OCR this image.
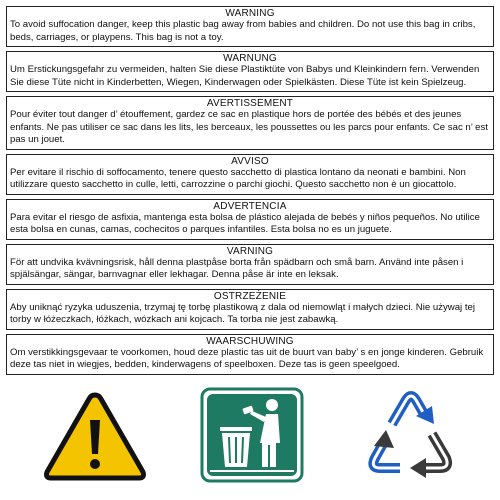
WARNING
To avoid suffocation danger, keep this plastic bag away from babies and children. Do not use this bag in cribs, beds, carriages, or playpens. This bag is not a toy.
WARNUNG
Um Erstickungsgefahr zu vermeiden, halten Sie diese Plastiktüte von Babys und Kleinkindern fern. Verwenden Sie diese Tüte nicht in Kinderbetten, Wiegen, Kinderwagen oder Spielkästen. Diese Tüte ist kein Spielzeug.
AVERTISSEMENT
Pour éviter tout danger d’ étouffement, gardez ce sac en plastique hors de portée des bébés et des jeunes enfants. Ne pas utiliser ce sac dans les lits, les berceaux, les poussettes ou les parcs pour enfants. Ce sac n’ est pas un jouet.
AVVISO
Per evitare il rischio di soffocamento, tenere questo sacchetto di plastica lontano da neonati e bambini. Non utilizzare questo sacchetto in culle, letti, carrozzine o parchi giochi. Questo sacchetto non è un giocattolo.
ADVERTENCIA
Para evitar el riesgo de asfixia, mantenga esta bolsa de plástico alejada de bebés y niños pequeños. No utilice esta bolsa en cunas, camas, cochecitos o parques infantiles. Esta bolsa no es un juguete.
VARNING
För att undvika kvävningsrisk, håll denna plastpåse borta från spädbarn och små barn. Använd inte påsen i spjälsängar, sängar, barnvagnar eller lekhagar. Denna påse är inte en leksak.
OSTRZEŻENIE
Aby uniknąć ryzyka uduszenia, trzymaj tę torbę plastikową z dala od niemowląt i małych dzieci. Nie używaj tej torby w łóżeczkach, łóżkach, wózkach ani kojcach. Ta torba nie jest zabawką.
WAARSCHUWING
Om verstikkingsgevaar te voorkomen, houd deze plastic tas uit de buurt van baby’ s en jonge kinderen. Gebruik deze tas niet in wiegjes, bedden, kinderwagens of speelboxen. Deze tas is geen speelgoed.
